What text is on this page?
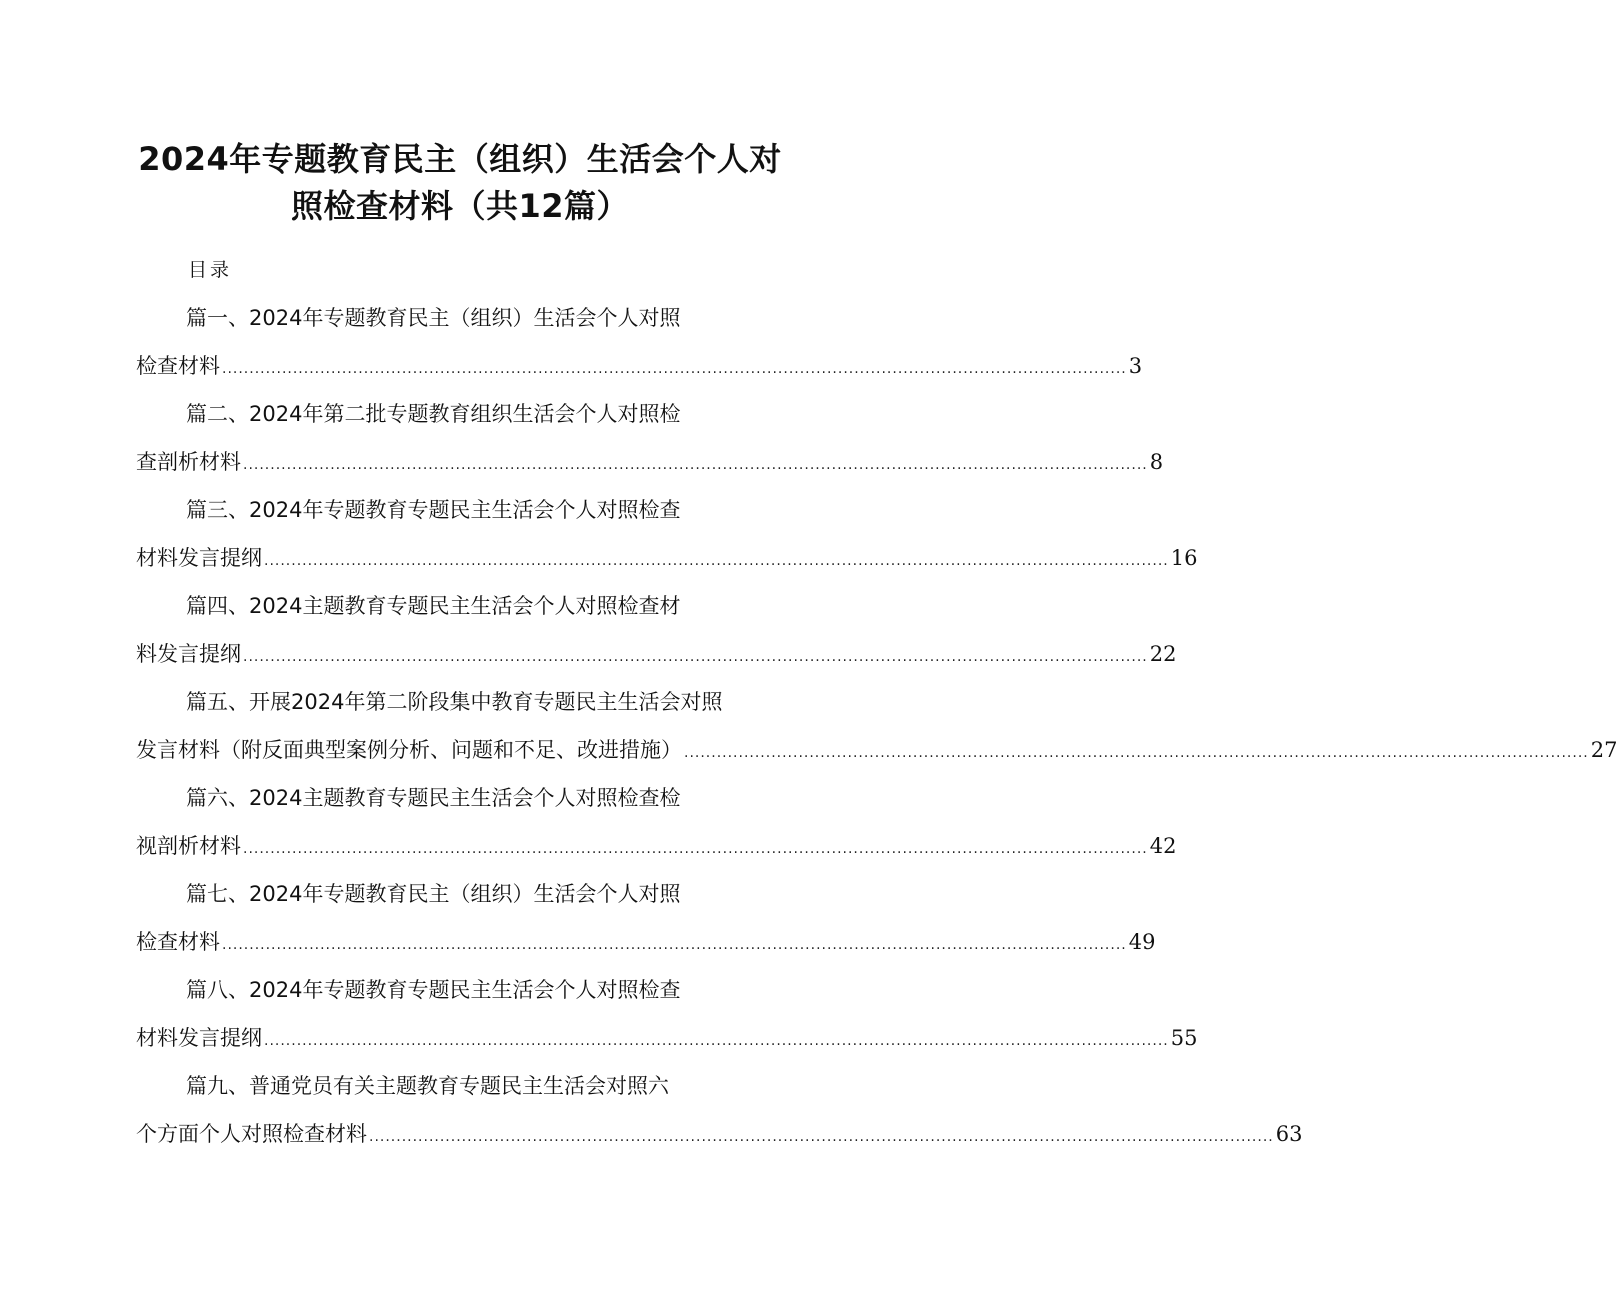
2024年专题教育民主（组织）生活会个人对
照检查材料（共12篇）
目录
篇一、2024年专题教育民主（组织）生活会个人对照
检查材料 ...................................................................................................................................................................... 3
篇二、2024年第二批专题教育组织生活会个人对照检
查剖析材料 ...................................................................................................................................................................... 8
篇三、2024年专题教育专题民主生活会个人对照检查
材料发言提纲 ...................................................................................................................................................................... 16
篇四、2024主题教育专题民主生活会个人对照检查材
料发言提纲 ...................................................................................................................................................................... 22
篇五、开展2024年第二阶段集中教育专题民主生活会对照
发言材料（附反面典型案例分析、问题和不足、改进措施） ...................................................................................................................................................................... 27
篇六、2024主题教育专题民主生活会个人对照检查检
视剖析材料 ...................................................................................................................................................................... 42
篇七、2024年专题教育民主（组织）生活会个人对照
检查材料 ...................................................................................................................................................................... 49
篇八、2024年专题教育专题民主生活会个人对照检查
材料发言提纲 ...................................................................................................................................................................... 55
篇九、普通党员有关主题教育专题民主生活会对照六
个方面个人对照检查材料 ...................................................................................................................................................................... 63
